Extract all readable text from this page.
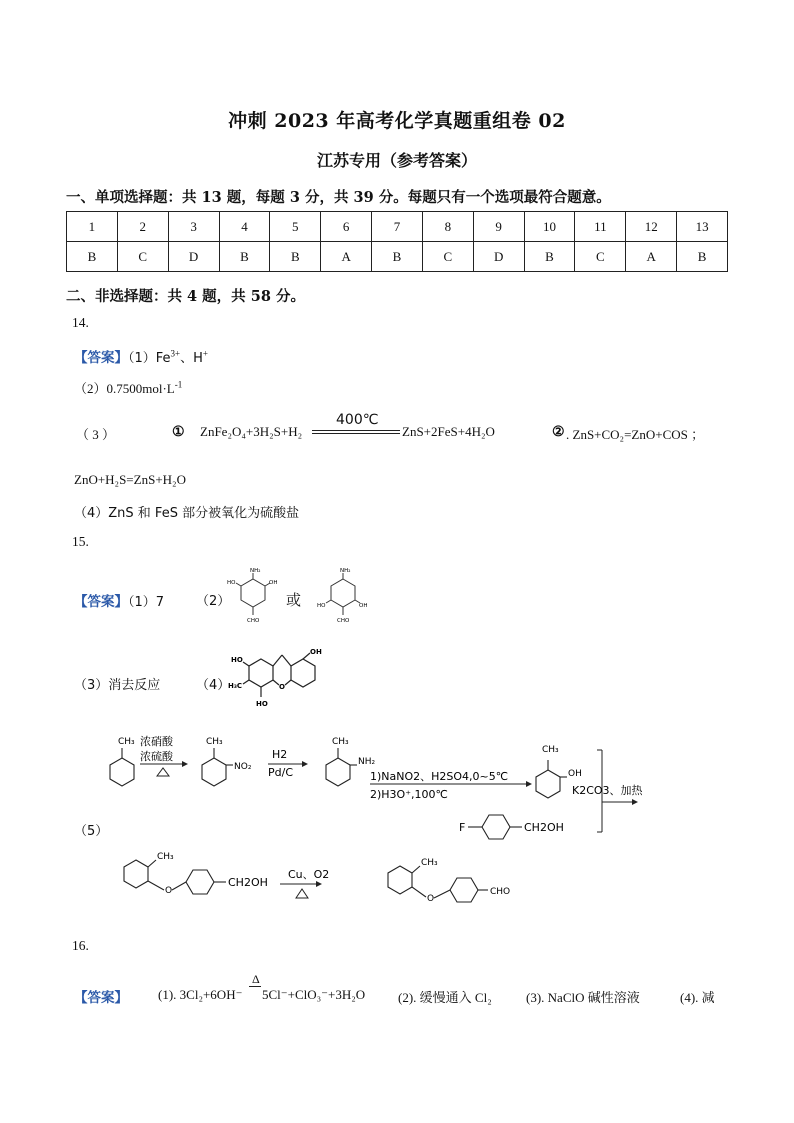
冲刺 2023 年高考化学真题重组卷 02
江苏专用（参考答案）
一、单项选择题：共 13 题，每题 3 分，共 39 分。每题只有一个选项最符合题意。
1	2	3	4	5	6	7	8	9	10	11	12	13
B	C	D	B	B	A	B	C	D	B	C	A	B
二、非选择题：共 4 题，共 58 分。
14.
【答案】$(1)Fe^{3+}$、H+
$(2)0.7500mol\cdot L^{-1}$
（ 3 ）	① ZnFe₂O₄+3H₂S+H₂
400℃
ZnS+2FeS+4H₂O	② . ZnS+CO₂=ZnO+COS ；
ZnO+H₂S=ZnS+H₂O
（4）ZnS 和 FeS 部分被氧化为硫酸盐
15.
【答案】（1）7 （2）
NH₂
HO	OH
CHO
或
NH₂
HO	OH
CHO
（3）消去反应	（4）	O
HO
H₃C
HO
OH
（5）
CH₃ 浓硝酸
浓硫酸
CH₃
NO₂
H2
Pd/C
CH₃
NH₂
1)NaNO2、H2SO4,0~5℃
2)H3O⁺,100℃
CH₃
OH
K2CO3、加热
F	CH2OH
CH₃
O
CH2OH
Cu、O2
CH₃
O
CHO
16.
【答案】 (1). 3Cl₂+6OH⁻
Δ
5Cl⁻+ClO₃⁻+3H₂O	(2). 缓慢通入 Cl₂	(3). NaClO 碱性溶液	(4). 减
